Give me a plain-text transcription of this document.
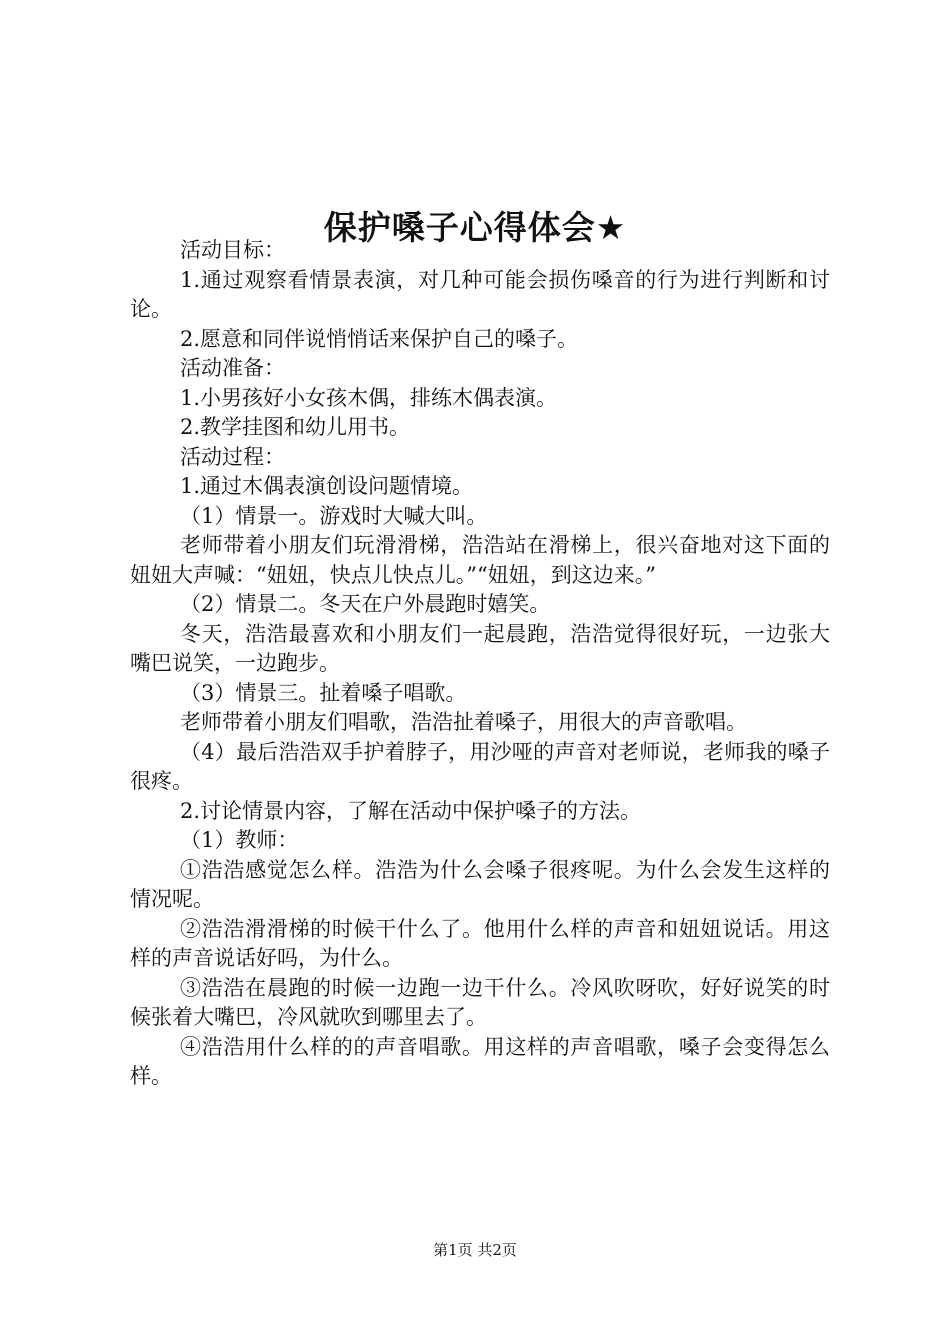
保护嗓子心得体会★

活动目标：

1.通过观察看情景表演，对几种可能会损伤嗓音的行为进行判断和讨论。

2.愿意和同伴说悄悄话来保护自己的嗓子。

活动准备：

1.小男孩好小女孩木偶，排练木偶表演。

2.教学挂图和幼儿用书。

活动过程：

1.通过木偶表演创设问题情境。

（1）情景一。游戏时大喊大叫。

老师带着小朋友们玩滑滑梯，浩浩站在滑梯上，很兴奋地对这下面的妞妞大声喊：“妞妞，快点儿快点儿。”“妞妞，到这边来。”

（2）情景二。冬天在户外晨跑时嬉笑。

冬天，浩浩最喜欢和小朋友们一起晨跑，浩浩觉得很好玩，一边张大嘴巴说笑，一边跑步。

（3）情景三。扯着嗓子唱歌。

老师带着小朋友们唱歌，浩浩扯着嗓子，用很大的声音歌唱。

（4）最后浩浩双手护着脖子，用沙哑的声音对老师说，老师我的嗓子很疼。

2.讨论情景内容，了解在活动中保护嗓子的方法。

（1）教师：

①浩浩感觉怎么样。浩浩为什么会嗓子很疼呢。为什么会发生这样的情况呢。

②浩浩滑滑梯的时候干什么了。他用什么样的声音和妞妞说话。用这样的声音说话好吗，为什么。

③浩浩在晨跑的时候一边跑一边干什么。冷风吹呀吹，好好说笑的时候张着大嘴巴，冷风就吹到哪里去了。

④浩浩用什么样的的声音唱歌。用这样的声音唱歌，嗓子会变得怎么样。

第1页 共2页
